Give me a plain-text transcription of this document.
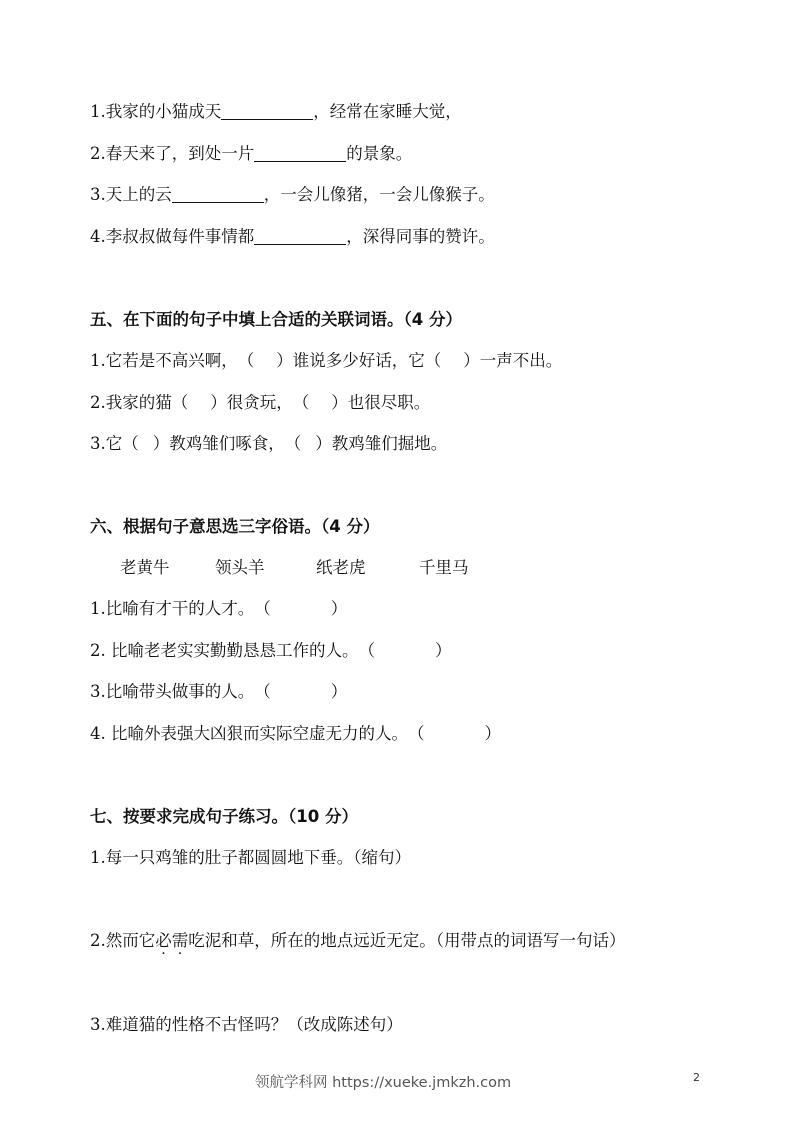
1.我家的小猫成天	，经常在家睡大觉，
2.春天来了，到处一片	的景象。
3.天上的云	，一会儿像猪，一会儿像猴子。
4.李叔叔做每件事情都	，深得同事的赞许。
五、在下面的句子中填上合适的关联词语。（4 分）
1.它若是不高兴啊，（ ）谁说多少好话，它（ ）一声不出。
2.我家的猫（ ）很贪玩，（ ）也很尽职。
3.它（ ）教鸡雏们啄食，（ ）教鸡雏们掘地。
六、根据句子意思选三字俗语。（4 分）
老黄牛	领头羊	纸老虎	千里马
1.比喻有才干的人才。（	）
2. 比喻老老实实勤勤恳恳工作的人。（	）
3.比喻带头做事的人。（	）
4. 比喻外表强大凶狠而实际空虚无力的人。（	）
七、按要求完成句子练习。（10 分）
1.每一只鸡雏的肚子都圆圆地下垂。（缩句）
2.然而它必需吃泥和草，所在的地点远近无定。（用带点的词语写一句话）
3.难道猫的性格不古怪吗？（改成陈述句）
领航学科网 https://xueke.jmkzh.com	2
